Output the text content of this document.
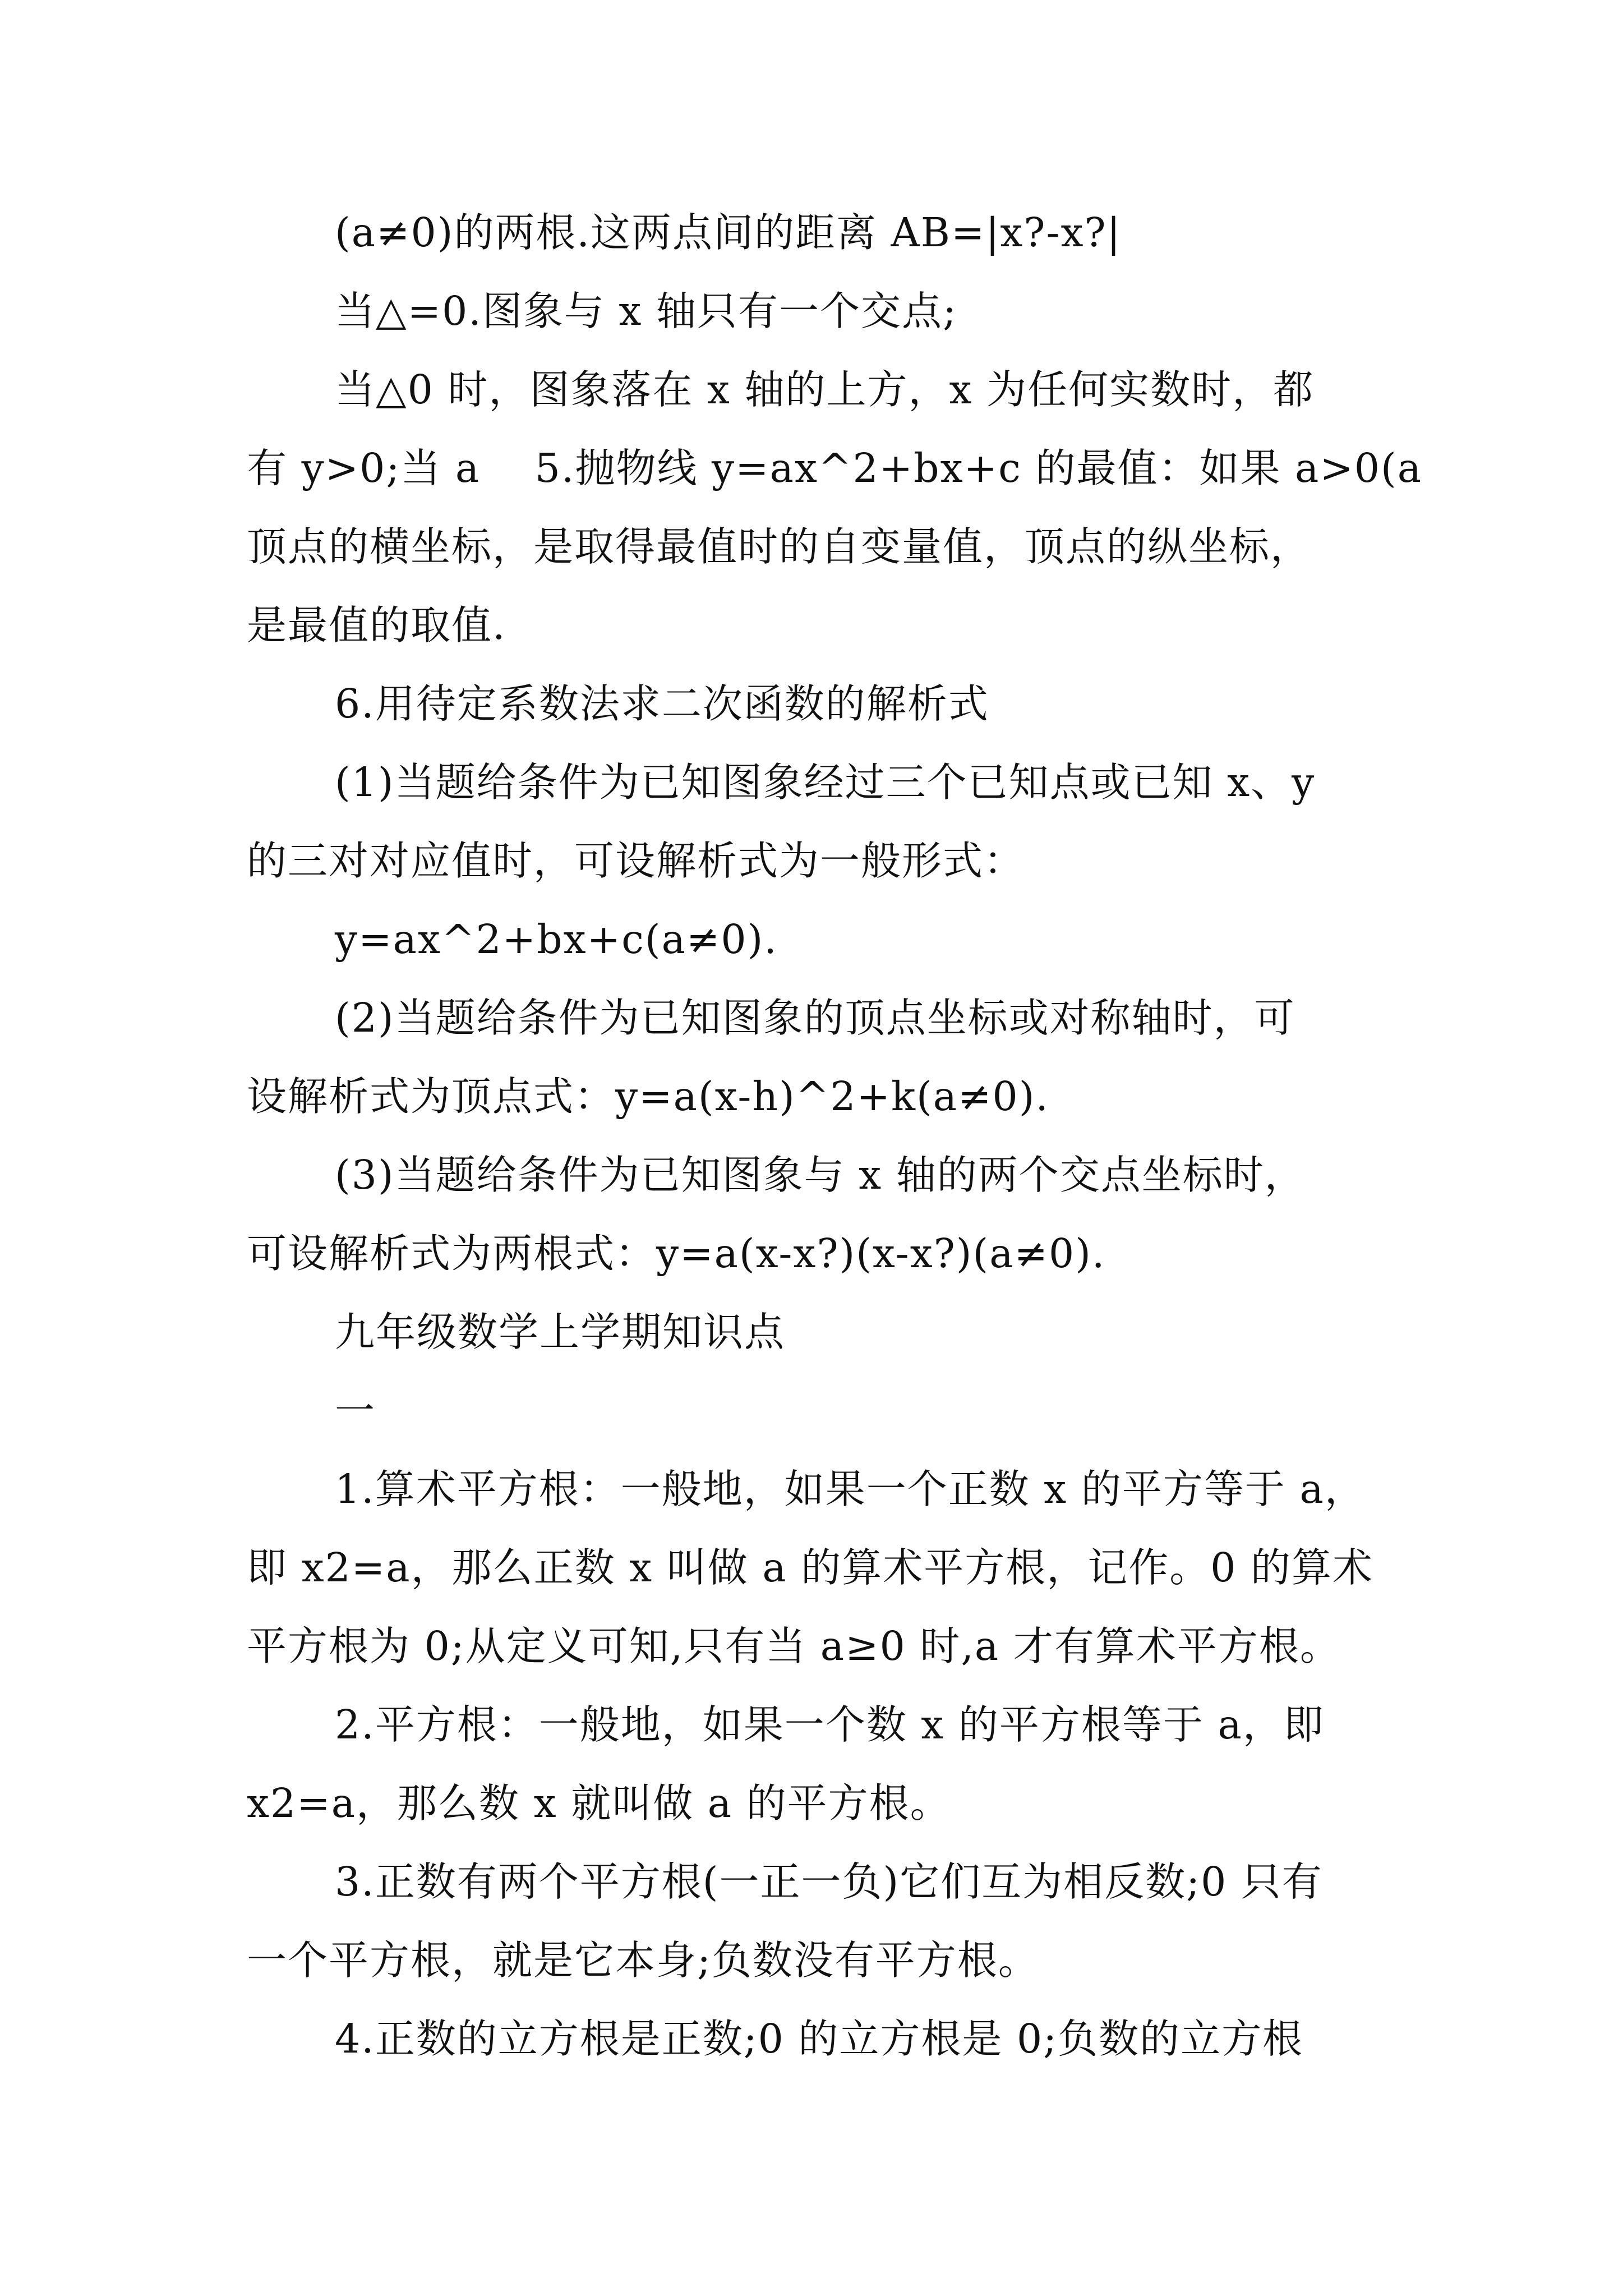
(a≠0)的两根.这两点间的距离 AB=|x?-x?|
当△=0.图象与 x 轴只有一个交点;
当△0 时，图象落在 x 轴的上方，x 为任何实数时，都
有 y>0;当 a　 5.抛物线 y=ax^2+bx+c 的最值：如果 a>0(a
顶点的横坐标，是取得最值时的自变量值，顶点的纵坐标，
是最值的取值.
6.用待定系数法求二次函数的解析式
(1)当题给条件为已知图象经过三个已知点或已知 x、y
的三对对应值时，可设解析式为一般形式：
y=ax^2+bx+c(a≠0).
(2)当题给条件为已知图象的顶点坐标或对称轴时，可
设解析式为顶点式：y=a(x-h)^2+k(a≠0).
(3)当题给条件为已知图象与 x 轴的两个交点坐标时，
可设解析式为两根式：y=a(x-x?)(x-x?)(a≠0).
九年级数学上学期知识点
一
1.算术平方根：一般地，如果一个正数 x 的平方等于 a，
即 x2=a，那么正数 x 叫做 a 的算术平方根，记作。0 的算术
平方根为 0;从定义可知,只有当 a≥0 时,a 才有算术平方根。
2.平方根：一般地，如果一个数 x 的平方根等于 a，即
x2=a，那么数 x 就叫做 a 的平方根。
3.正数有两个平方根(一正一负)它们互为相反数;0 只有
一个平方根，就是它本身;负数没有平方根。
4.正数的立方根是正数;0 的立方根是 0;负数的立方根
